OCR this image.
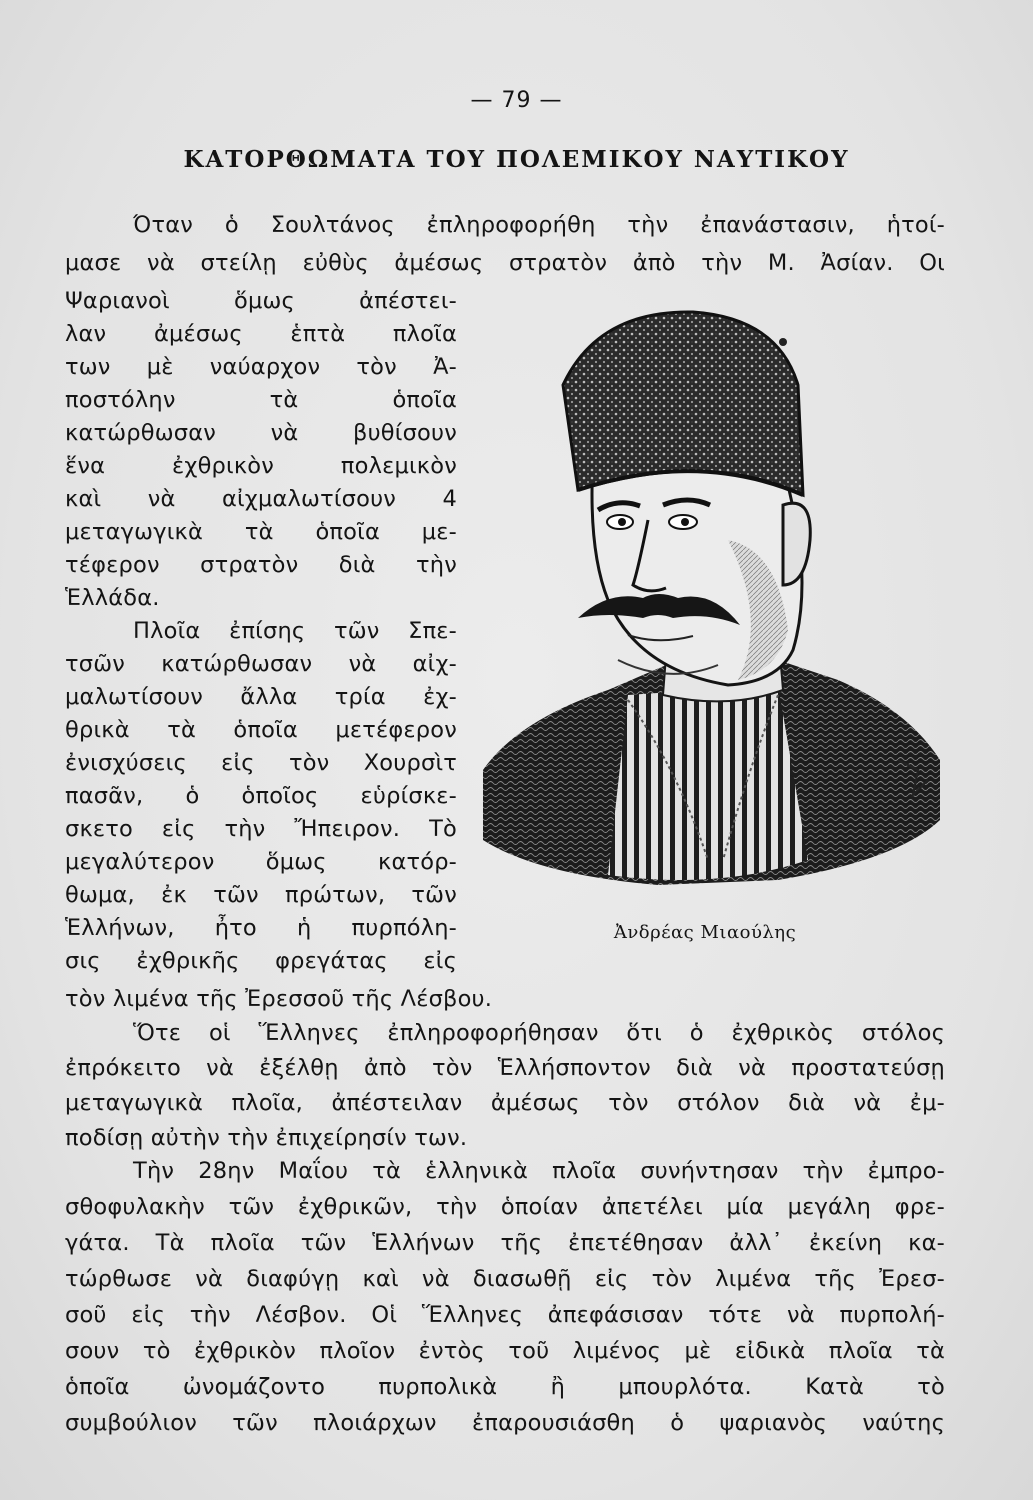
— 79 —
ΚΑΤΟΡΘΩΜΑΤΑ ΤΟΥ ΠΟΛΕΜΙΚΟΥ ΝΑΥΤΙΚΟΥ
Όταν ὁ Σουλτάνος ἐπληροφορήθη τὴν ἐπανάστασιν, ἡτοί-
μασε νὰ στείλῃ εὐθὺς ἀμέσως στρατὸν ἀπὸ τὴν Μ. Ἀσίαν. Οι
Ψαριανοὶ ὅμως ἀπέστει-
λαν ἀμέσως ἑπτὰ πλοῖα
των μὲ ναύαρχον τὸν Ἀ-
ποστόλην τὰ ὁποῖα
κατώρθωσαν νὰ βυθίσουν
ἕνα ἐχθρικὸν πολεμικὸν
καὶ νὰ αἰχμαλωτίσουν 4
μεταγωγικὰ τὰ ὁποῖα με-
τέφερον στρατὸν διὰ τὴν
Ἑλλάδα.
Πλοῖα ἐπίσης τῶν Σπε-
τσῶν κατώρθωσαν νὰ αἰχ-
μαλωτίσουν ἄλλα τρία ἐχ-
θρικὰ τὰ ὁποῖα μετέφερον
ἐνισχύσεις εἰς τὸν Χουρσὶτ
πασᾶν, ὁ ὁποῖος εὑρίσκε-
σκετο εἰς τὴν Ἤπειρον. Τὸ
μεγαλύτερον ὅμως κατόρ-
θωμα, ἐκ τῶν πρώτων, τῶν
Ἑλλήνων, ἦτο ἡ πυρπόλη-
σις ἐχθρικῆς φρεγάτας εἰς
τὸν λιμένα τῆς Ἐρεσσοῦ τῆς Λέσβου.
Ὅτε οἱ Ἕλληνες ἐπληροφορήθησαν ὅτι ὁ ἐχθρικὸς στόλος
ἐπρόκειτο νὰ ἐξέλθῃ ἀπὸ τὸν Ἑλλήσποντον διὰ νὰ προστατεύσῃ
μεταγωγικὰ πλοῖα, ἀπέστειλαν ἀμέσως τὸν στόλον διὰ νὰ ἐμ-
ποδίσῃ αὐτὴν τὴν ἐπιχείρησίν των.
Τὴν 28ην Μαΐου τὰ ἑλληνικὰ πλοῖα συνήντησαν τὴν ἐμπρο-
σθοφυλακὴν τῶν ἐχθρικῶν, τὴν ὁποίαν ἀπετέλει μία μεγάλη φρε-
γάτα. Τὰ πλοῖα τῶν Ἑλλήνων τῆς ἐπετέθησαν ἀλλ᾽ ἐκείνη κα-
τώρθωσε νὰ διαφύγῃ καὶ νὰ διασωθῇ εἰς τὸν λιμένα τῆς Ἐρεσ-
σοῦ εἰς τὴν Λέσβον. Οἱ Ἕλληνες ἀπεφάσισαν τότε νὰ πυρπολή-
σουν τὸ ἐχθρικὸν πλοῖον ἐντὸς τοῦ λιμένος μὲ εἰδικὰ πλοῖα τὰ
ὁποῖα ὠνομάζοντο πυρπολικὰ ἢ μπουρλότα. Κατὰ τὸ
συμβούλιον τῶν πλοιάρχων ἐπαρουσιάσθη ὁ ψαριανὸς ναύτης
Ἀνδρέας Μιαούλης
